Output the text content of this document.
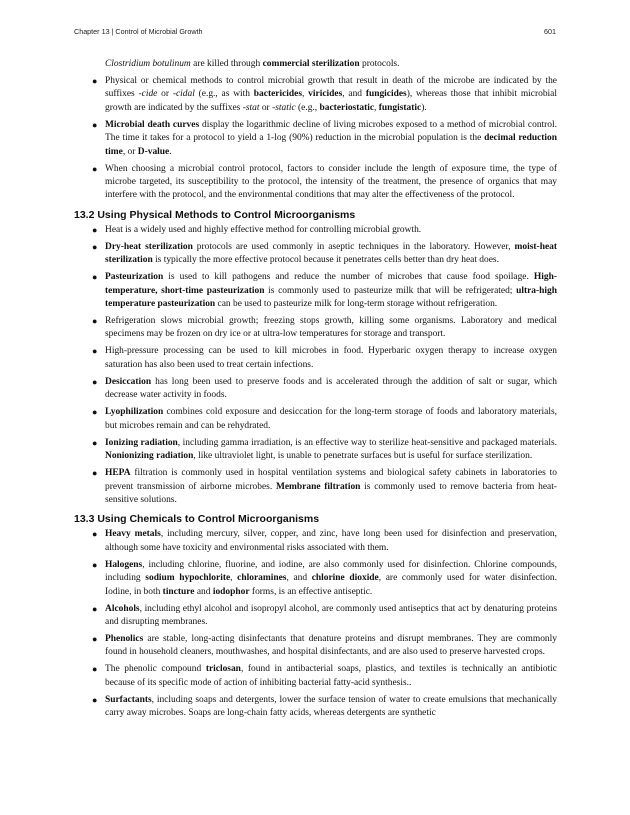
Chapter 13 | Control of Microbial Growth	601

Clostridium botulinum are killed through commercial sterilization protocols.

● Physical or chemical methods to control microbial growth that result in death of the microbe are indicated by the suffixes -cide or -cidal (e.g., as with bactericides, viricides, and fungicides), whereas those that inhibit microbial growth are indicated by the suffixes -stat or -static (e.g., bacteriostatic, fungistatic).
● Microbial death curves display the logarithmic decline of living microbes exposed to a method of microbial control. The time it takes for a protocol to yield a 1-log (90%) reduction in the microbial population is the decimal reduction time, or D-value.
● When choosing a microbial control protocol, factors to consider include the length of exposure time, the type of microbe targeted, its susceptibility to the protocol, the intensity of the treatment, the presence of organics that may interfere with the protocol, and the environmental conditions that may alter the effectiveness of the protocol.
13.2 Using Physical Methods to Control Microorganisms
● Heat is a widely used and highly effective method for controlling microbial growth.
● Dry-heat sterilization protocols are used commonly in aseptic techniques in the laboratory. However, moist-heat sterilization is typically the more effective protocol because it penetrates cells better than dry heat does.
● Pasteurization is used to kill pathogens and reduce the number of microbes that cause food spoilage. High-temperature, short-time pasteurization is commonly used to pasteurize milk that will be refrigerated; ultra-high temperature pasteurization can be used to pasteurize milk for long-term storage without refrigeration.
● Refrigeration slows microbial growth; freezing stops growth, killing some organisms. Laboratory and medical specimens may be frozen on dry ice or at ultra-low temperatures for storage and transport.
● High-pressure processing can be used to kill microbes in food. Hyperbaric oxygen therapy to increase oxygen saturation has also been used to treat certain infections.
● Desiccation has long been used to preserve foods and is accelerated through the addition of salt or sugar, which decrease water activity in foods.
● Lyophilization combines cold exposure and desiccation for the long-term storage of foods and laboratory materials, but microbes remain and can be rehydrated.
● Ionizing radiation, including gamma irradiation, is an effective way to sterilize heat-sensitive and packaged materials. Nonionizing radiation, like ultraviolet light, is unable to penetrate surfaces but is useful for surface sterilization.
● HEPA filtration is commonly used in hospital ventilation systems and biological safety cabinets in laboratories to prevent transmission of airborne microbes. Membrane filtration is commonly used to remove bacteria from heat-sensitive solutions.
13.3 Using Chemicals to Control Microorganisms
● Heavy metals, including mercury, silver, copper, and zinc, have long been used for disinfection and preservation, although some have toxicity and environmental risks associated with them.
● Halogens, including chlorine, fluorine, and iodine, are also commonly used for disinfection. Chlorine compounds, including sodium hypochlorite, chloramines, and chlorine dioxide, are commonly used for water disinfection. Iodine, in both tincture and iodophor forms, is an effective antiseptic.
● Alcohols, including ethyl alcohol and isopropyl alcohol, are commonly used antiseptics that act by denaturing proteins and disrupting membranes.
● Phenolics are stable, long-acting disinfectants that denature proteins and disrupt membranes. They are commonly found in household cleaners, mouthwashes, and hospital disinfectants, and are also used to preserve harvested crops.
● The phenolic compound triclosan, found in antibacterial soaps, plastics, and textiles is technically an antibiotic because of its specific mode of action of inhibiting bacterial fatty-acid synthesis..
● Surfactants, including soaps and detergents, lower the surface tension of water to create emulsions that mechanically carry away microbes. Soaps are long-chain fatty acids, whereas detergents are synthetic
